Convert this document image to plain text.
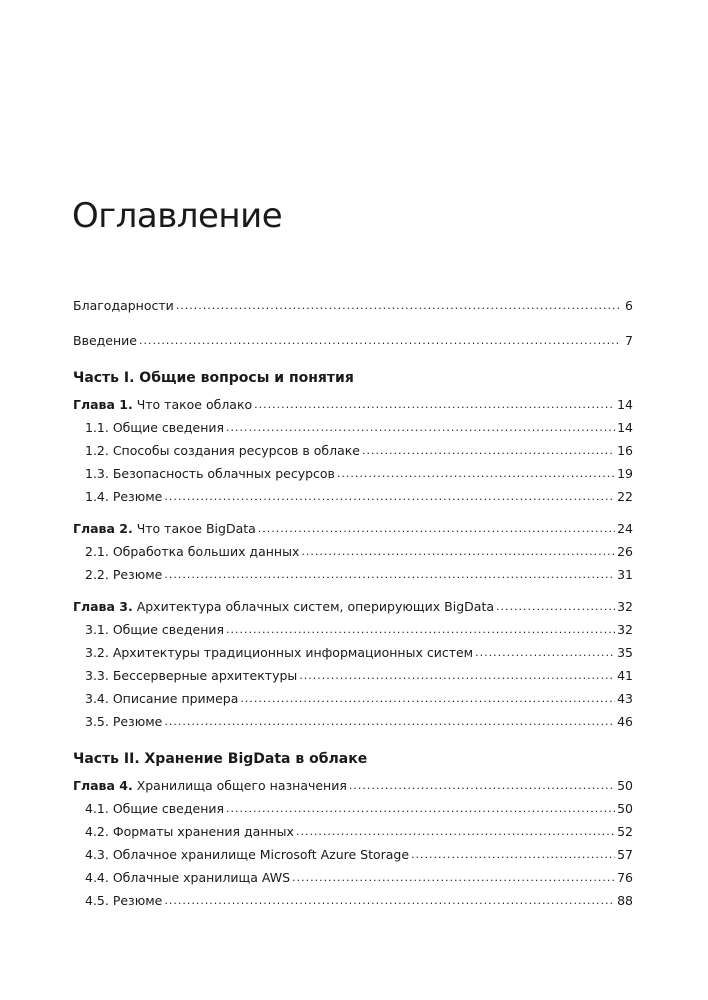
Оглавление
Благодарности .....	6
Введение .....	7
Часть I. Общие вопросы и понятия
Глава 1. Что такое облако .....	14
1.1. Общие сведения .....	14
1.2. Способы создания ресурсов в облаке .....	16
1.3. Безопасность облачных ресурсов .....	19
1.4. Резюме .....	22
Глава 2. Что такое BigData .....	24
2.1. Обработка больших данных .....	26
2.2. Резюме .....	31
Глава 3. Архитектура облачных систем, оперирующих BigData .....	32
3.1. Общие сведения .....	32
3.2. Архитектуры традиционных информационных систем .....	35
3.3. Бессерверные архитектуры .....	41
3.4. Описание примера .....	43
3.5. Резюме .....	46
Часть II. Хранение BigData в облаке
Глава 4. Хранилища общего назначения .....	50
4.1. Общие сведения .....	50
4.2. Форматы хранения данных .....	52
4.3. Облачное хранилище Microsoft Azure Storage .....	57
4.4. Облачные хранилища AWS .....	76
4.5. Резюме .....	88
